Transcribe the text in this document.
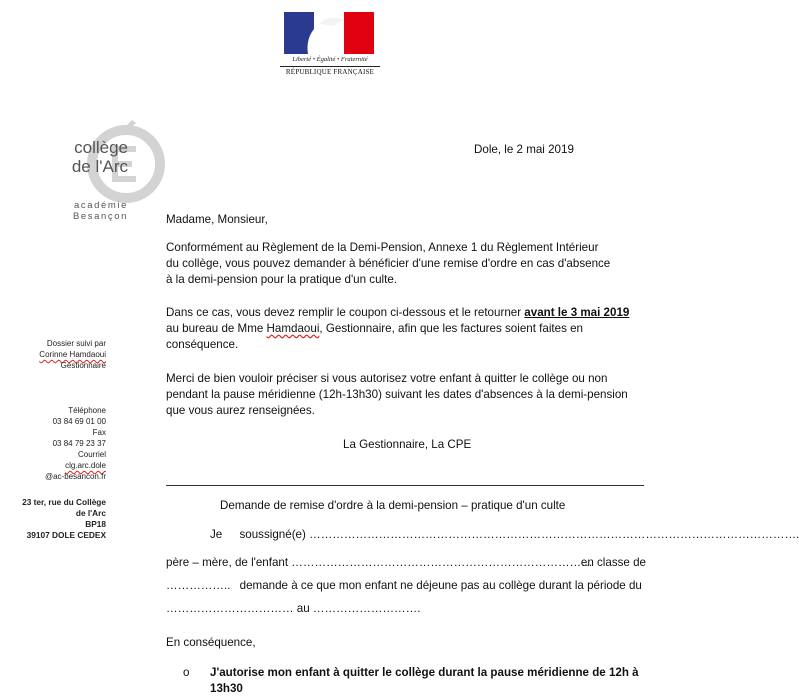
Liberté • Égalité • Fraternité
RÉPUBLIQUE FRANÇAISE
collège
de l'Arc
académie
Besançon
Dossier suivi par
Corinne Hamdaoui
Gestionnaire
Téléphone
03 84 69 01 00
Fax
03 84 79 23 37
Courriel
clg.arc.dole
@ac-besancon.fr
23 ter, rue du Collège
de l'Arc
BP18
39107 DOLE CEDEX
Dole, le 2 mai 2019
Madame, Monsieur,
Conformément au Règlement de la Demi-Pension, Annexe 1 du Règlement Intérieur
du collège, vous pouvez demander à bénéficier d'une remise d'ordre en cas d'absence
à la demi-pension pour la pratique d'un culte.
Dans ce cas, vous devez remplir le coupon ci-dessous et le retourner avant le 3 mai 2019
au bureau de Mme Hamdaoui, Gestionnaire, afin que les factures soient faites en
conséquence.
Merci de bien vouloir préciser si vous autorisez votre enfant à quitter le collège ou non
pendant la pause méridienne (12h-13h30) suivant les dates d'absences à la demi-pension
que vous aurez renseignées.
La Gestionnaire, La CPE
Demande de remise d'ordre à la demi-pension – pratique d'un culte
Je soussigné(e) ……………………………………………………………………………………………………………….
père – mère, de l'enfant ……………………………………………………………………
en classe de
…………….. demande à ce que mon enfant ne déjeune pas au collège durant la période du
…………………………… au ……………………….
En conséquence,
o J'autorise mon enfant à quitter le collège durant la pause méridienne de 12h à
13h30
